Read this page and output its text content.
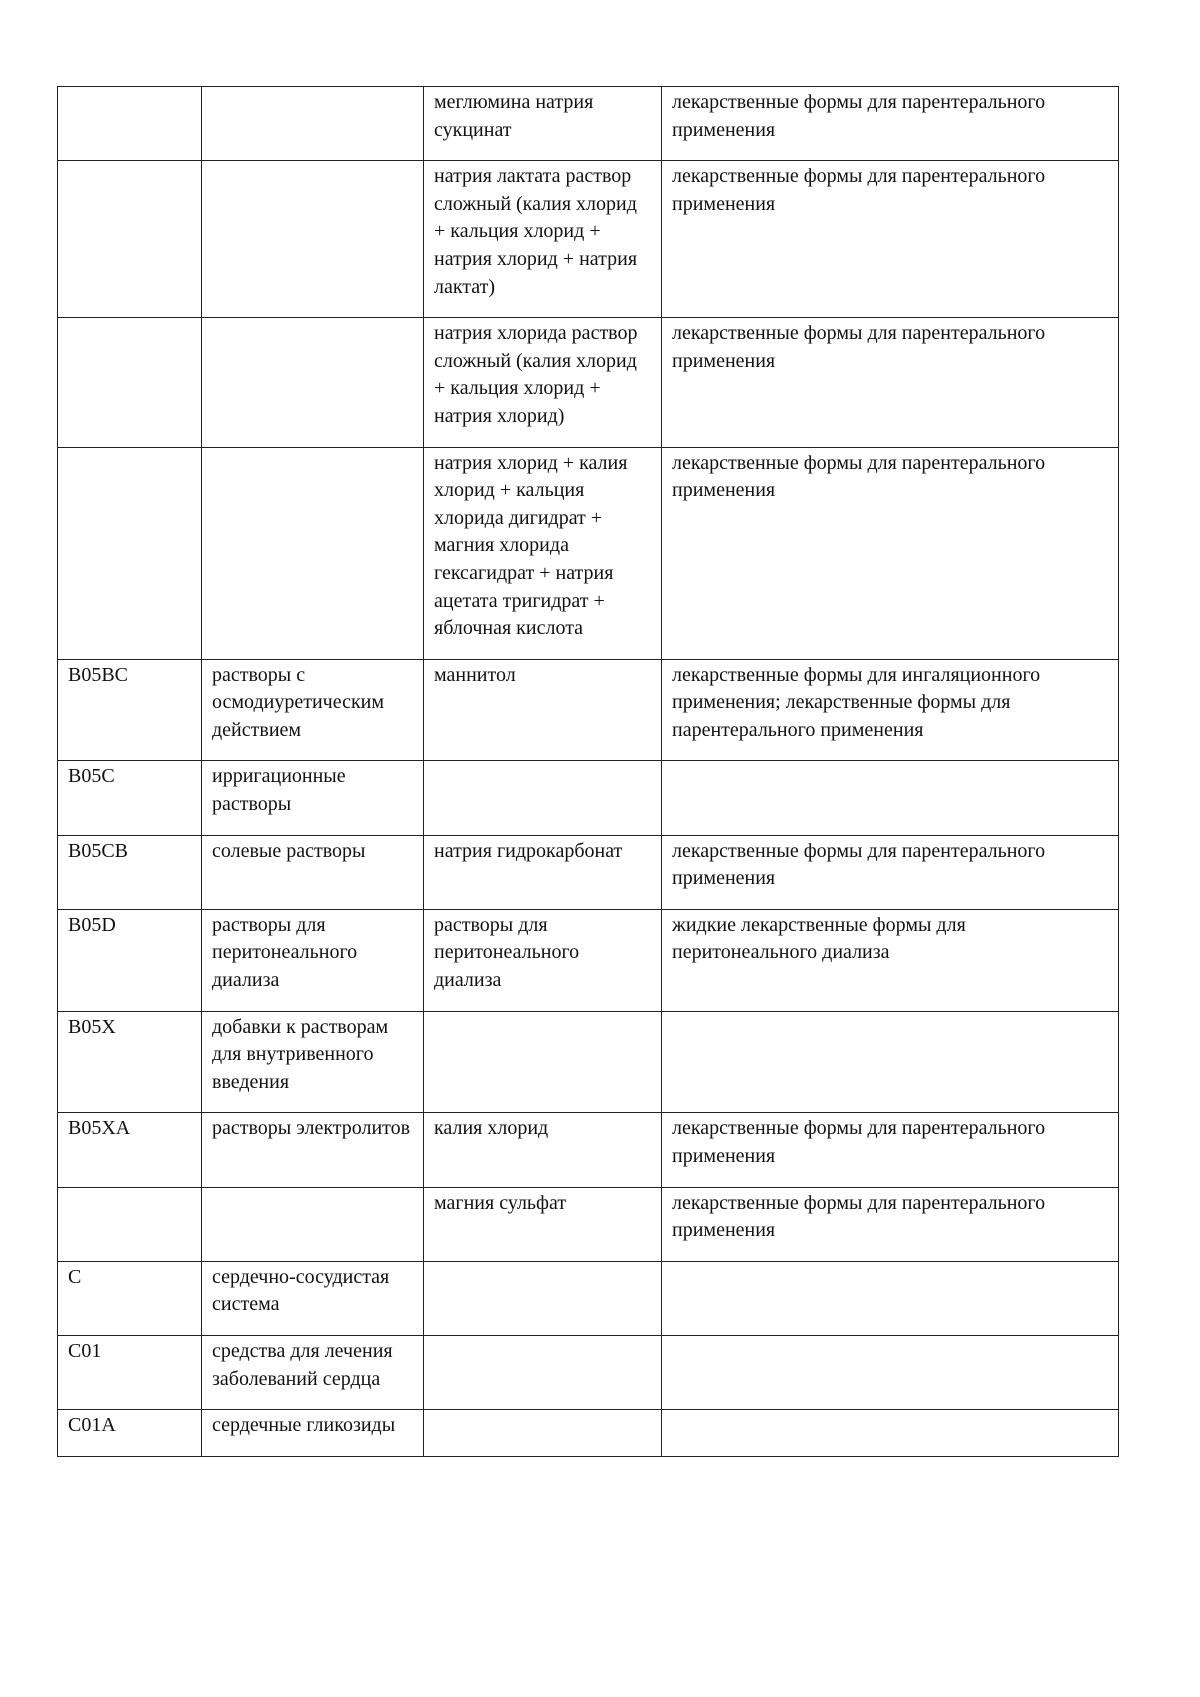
		меглюмина натрия сукцинат	лекарственные формы для парентерального применения
		натрия лактата раствор сложный (калия хлорид + кальция хлорид + натрия хлорид + натрия лактат)	лекарственные формы для парентерального применения
		натрия хлорида раствор сложный (калия хлорид + кальция хлорид + натрия хлорид)	лекарственные формы для парентерального применения
		натрия хлорид + калия хлорид + кальция хлорида дигидрат + магния хлорида гексагидрат + натрия ацетата тригидрат + яблочная кислота	лекарственные формы для парентерального применения
B05BC	растворы с осмодиуретическим действием	маннитол	лекарственные формы для ингаляционного применения; лекарственные формы для парентерального применения
B05C	ирригационные растворы		
B05CB	солевые растворы	натрия гидрокарбонат	лекарственные формы для парентерального применения
B05D	растворы для перитонеального диализа	растворы для перитонеального диализа	жидкие лекарственные формы для перитонеального диализа
B05X	добавки к растворам для внутривенного введения		
B05XA	растворы электролитов	калия хлорид	лекарственные формы для парентерального применения
		магния сульфат	лекарственные формы для парентерального применения
C	сердечно-сосудистая система		
C01	средства для лечения заболеваний сердца		
C01A	сердечные гликозиды		
